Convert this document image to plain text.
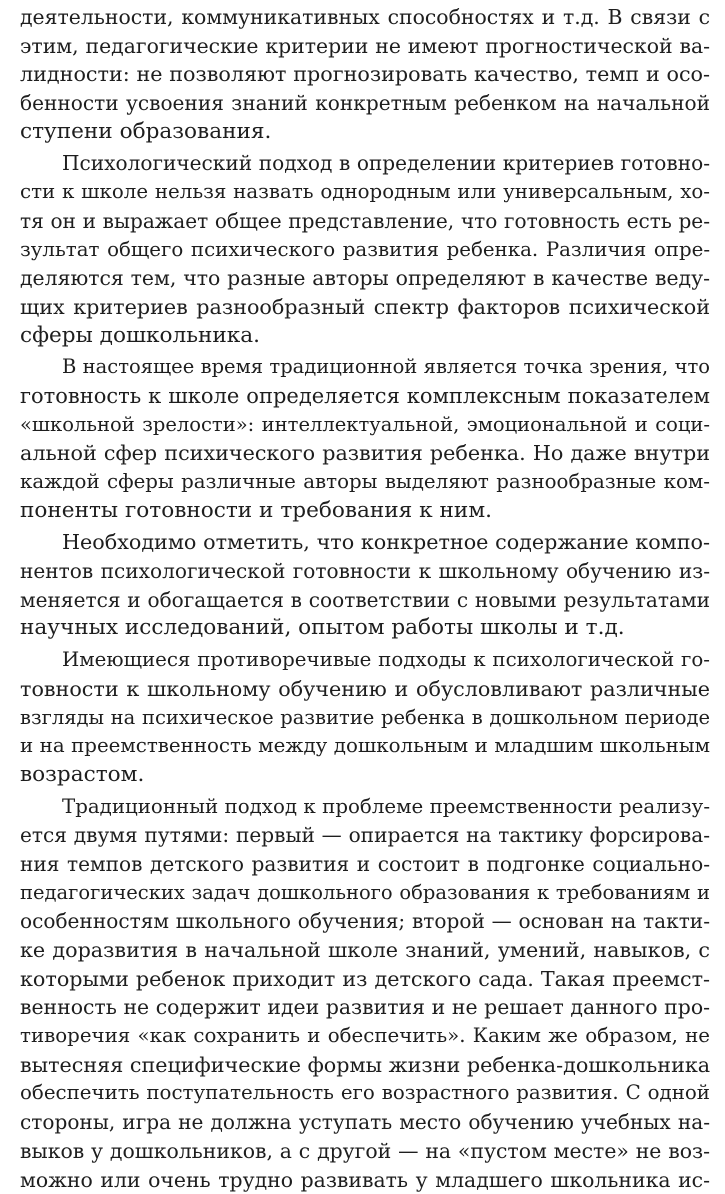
деятельности, коммуникативных способностях и т.д. В связи с
этим, педагогические критерии не имеют прогностической ва-
лидности: не позволяют прогнозировать качество, темп и осо-
бенности усвоения знаний конкретным ребенком на начальной
ступени образования.
Психологический подход в определении критериев готовно-
сти к школе нельзя назвать однородным или универсальным, хо-
тя он и выражает общее представление, что готовность есть ре-
зультат общего психического развития ребенка. Различия опре-
деляются тем, что разные авторы определяют в качестве веду-
щих критериев разнообразный спектр факторов психической
сферы дошкольника.
В настоящее время традиционной является точка зрения, что
готовность к школе определяется комплексным показателем
«школьной зрелости»: интеллектуальной, эмоциональной и соци-
альной сфер психического развития ребенка. Но даже внутри
каждой сферы различные авторы выделяют разнообразные ком-
поненты готовности и требования к ним.
Необходимо отметить, что конкретное содержание компо-
нентов психологической готовности к школьному обучению из-
меняется и обогащается в соответствии с новыми результатами
научных исследований, опытом работы школы и т.д.
Имеющиеся противоречивые подходы к психологической го-
товности к школьному обучению и обусловливают различные
взгляды на психическое развитие ребенка в дошкольном периоде
и на преемственность между дошкольным и младшим школьным
возрастом.
Традиционный подход к проблеме преемственности реализу-
ется двумя путями: первый — опирается на тактику форсирова-
ния темпов детского развития и состоит в подгонке социально-
педагогических задач дошкольного образования к требованиям и
особенностям школьного обучения; второй — основан на такти-
ке доразвития в начальной школе знаний, умений, навыков, с
которыми ребенок приходит из детского сада. Такая преемст-
венность не содержит идеи развития и не решает данного про-
тиворечия «как сохранить и обеспечить». Каким же образом, не
вытесняя специфические формы жизни ребенка-дошкольника
обеспечить поступательность его возрастного развития. С одной
стороны, игра не должна уступать место обучению учебных на-
выков у дошкольников, а с другой — на «пустом месте» не воз-
можно или очень трудно развивать у младшего школьника ис-
